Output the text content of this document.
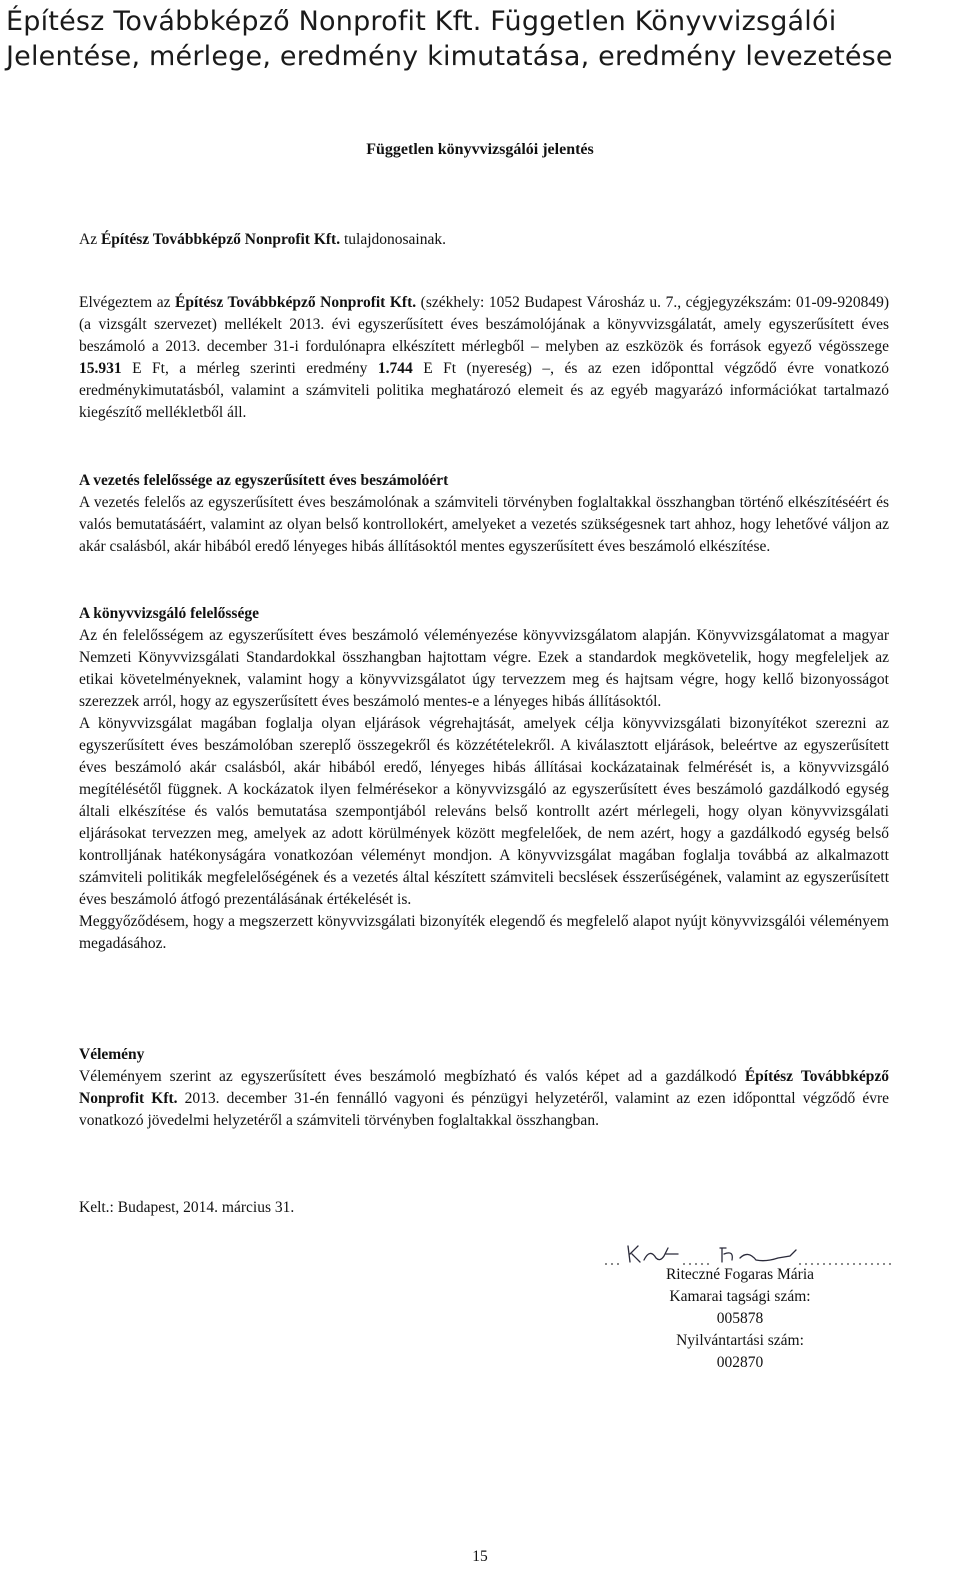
Építész Továbbképző Nonprofit Kft. Független Könyvvizsgálói
Jelentése, mérlege, eredmény kimutatása, eredmény levezetése
Független könyvvizsgálói jelentés
Az Építész Továbbképző Nonprofit Kft. tulajdonosainak.

Elvégeztem az Építész Továbbképző Nonprofit Kft. (székhely: 1052 Budapest Városház u. 7., cégjegyzékszám: 01-09-920849) (a vizsgált szervezet) mellékelt 2013. évi egyszerűsített éves beszámolójának a könyvvizsgálatát, amely egyszerűsített éves beszámoló a 2013. december 31-i fordulónapra elkészített mérlegből – melyben az eszközök és források egyező végösszege 15.931 E Ft, a mérleg szerinti eredmény 1.744 E Ft (nyereség) –, és az ezen időponttal végződő évre vonatkozó eredménykimutatásból, valamint a számviteli politika meghatározó elemeit és az egyéb magyarázó információkat tartalmazó kiegészítő mellékletből áll.

A vezetés felelőssége az egyszerűsített éves beszámolóért

A vezetés felelős az egyszerűsített éves beszámolónak a számviteli törvényben foglaltakkal összhangban történő elkészítéséért és valós bemutatásáért, valamint az olyan belső kontrollokért, amelyeket a vezetés szükségesnek tart ahhoz, hogy lehetővé váljon az akár csalásból, akár hibából eredő lényeges hibás állításoktól mentes egyszerűsített éves beszámoló elkészítése.

A könyvvizsgáló felelőssége

Az én felelősségem az egyszerűsített éves beszámoló véleményezése könyvvizsgálatom alapján. Könyvvizsgálatomat a magyar Nemzeti Könyvvizsgálati Standardokkal összhangban hajtottam végre. Ezek a standardok megkövetelik, hogy megfeleljek az etikai követelményeknek, valamint hogy a könyvvizsgálatot úgy tervezzem meg és hajtsam végre, hogy kellő bizonyosságot szerezzek arról, hogy az egyszerűsített éves beszámoló mentes-e a lényeges hibás állításoktól.

A könyvvizsgálat magában foglalja olyan eljárások végrehajtását, amelyek célja könyvvizsgálati bizonyítékot szerezni az egyszerűsített éves beszámolóban szereplő összegekről és közzétételekről. A kiválasztott eljárások, beleértve az egyszerűsített éves beszámoló akár csalásból, akár hibából eredő, lényeges hibás állításai kockázatainak felmérését is, a könyvvizsgáló megítélésétől függnek. A kockázatok ilyen felmérésekor a könyvvizsgáló az egyszerűsített éves beszámoló gazdálkodó egység általi elkészítése és valós bemutatása szempontjából releváns belső kontrollt azért mérlegeli, hogy olyan könyvvizsgálati eljárásokat tervezzen meg, amelyek az adott körülmények között megfelelőek, de nem azért, hogy a gazdálkodó egység belső kontrolljának hatékonyságára vonatkozóan véleményt mondjon. A könyvvizsgálat magában foglalja továbbá az alkalmazott számviteli politikák megfelelőségének és a vezetés által készített számviteli becslések ésszerűségének, valamint az egyszerűsített éves beszámoló átfogó prezentálásának értékelését is.

Meggyőződésem, hogy a megszerzett könyvvizsgálati bizonyíték elegendő és megfelelő alapot nyújt könyvvizsgálói véleményem megadásához.

Vélemény

Véleményem szerint az egyszerűsített éves beszámoló megbízható és valós képet ad a gazdálkodó Építész Továbbképző Nonprofit Kft. 2013. december 31-én fennálló vagyoni és pénzügyi helyzetéről, valamint az ezen időponttal végződő évre vonatkozó jövedelmi helyzetéről a számviteli törvényben foglaltakkal összhangban.

Kelt.: Budapest, 2014. március 31.
Riteczné Fogaras Mária
Kamarai tagsági szám:
005878
Nyilvántartási szám:
002870
15
